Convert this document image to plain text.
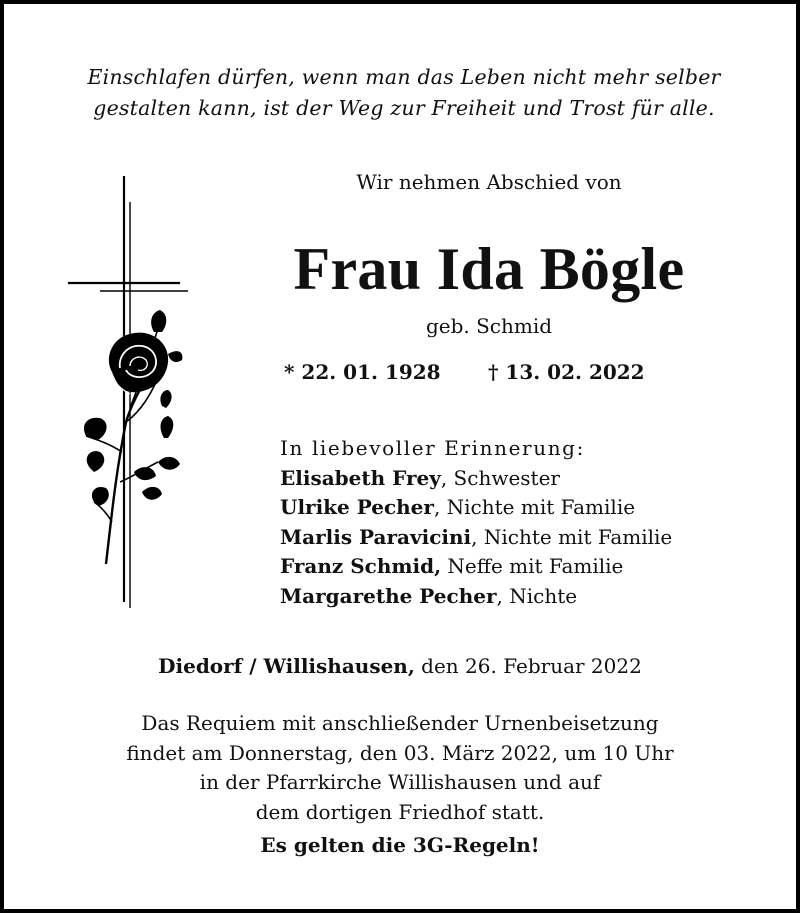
Einschlafen dürfen, wenn man das Leben nicht mehr selber
gestalten kann, ist der Weg zur Freiheit und Trost für alle.
Wir nehmen Abschied von
Frau Ida Bögle
geb. Schmid
* 22. 01. 1928 † 13. 02. 2022
In liebevoller Erinnerung:
Elisabeth Frey, Schwester
Ulrike Pecher, Nichte mit Familie
Marlis Paravicini, Nichte mit Familie
Franz Schmid, Neffe mit Familie
Margarethe Pecher, Nichte
Diedorf / Willishausen, den 26. Februar 2022
Das Requiem mit anschließender Urnenbeisetzung
findet am Donnerstag, den 03. März 2022, um 10 Uhr
in der Pfarrkirche Willishausen und auf
dem dortigen Friedhof statt.
Es gelten die 3G-Regeln!
